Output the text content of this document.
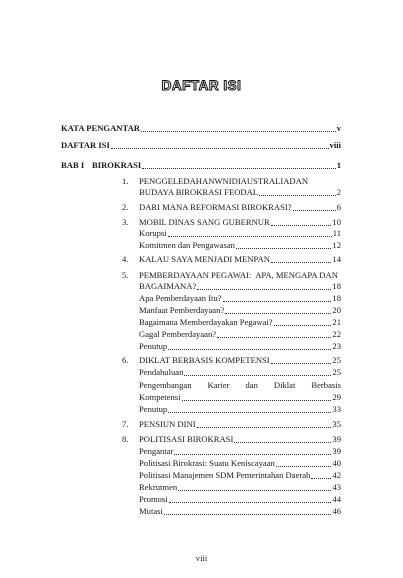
DAFTAR ISI
KATA PENGANTAR	v
DAFTAR ISI	viii
BAB I BIROKRASI	1
1. PENGGELEDAHAN WNI DI AUSTRALIA DAN
BUDAYA BIROKRASI FEODAL	2
2. DARI MANA REFORMASI BIROKRASI?	6
3. MOBIL DINAS SANG GUBERNUR	10
Korupsi	11
Komitmen dan Pengawasan	12
4. KALAU SAYA MENJADI MENPAN	14
5. PEMBERDAYAAN PEGAWAI:  APA, MENGAPA DAN
BAGAIMANA?	18
Apa Pemberdayaan Itu?	18
Manfaat Pemberdayaan?	20
Bagaimana Memberdayakan Pegawai?	21
Gagal Pemberdayaan?	22
Penutup	23
6. DIKLAT BERBASIS KOMPETENSI	25
Pendahuluan	25
Pengembangan Karier dan Diklat Berbasis
Kompetensi	29
Penutup	33
7. PENSIUN DINI	35
8. POLITISASI BIROKRASI	39
Pengantar	39
Politisasi Birokrasi: Suatu Keniscayaan	40
Politisasi Manajemen SDM Pemerintahan Daerah	42
Rekrutmen	43
Promosi	44
Mutasi	46
viii
